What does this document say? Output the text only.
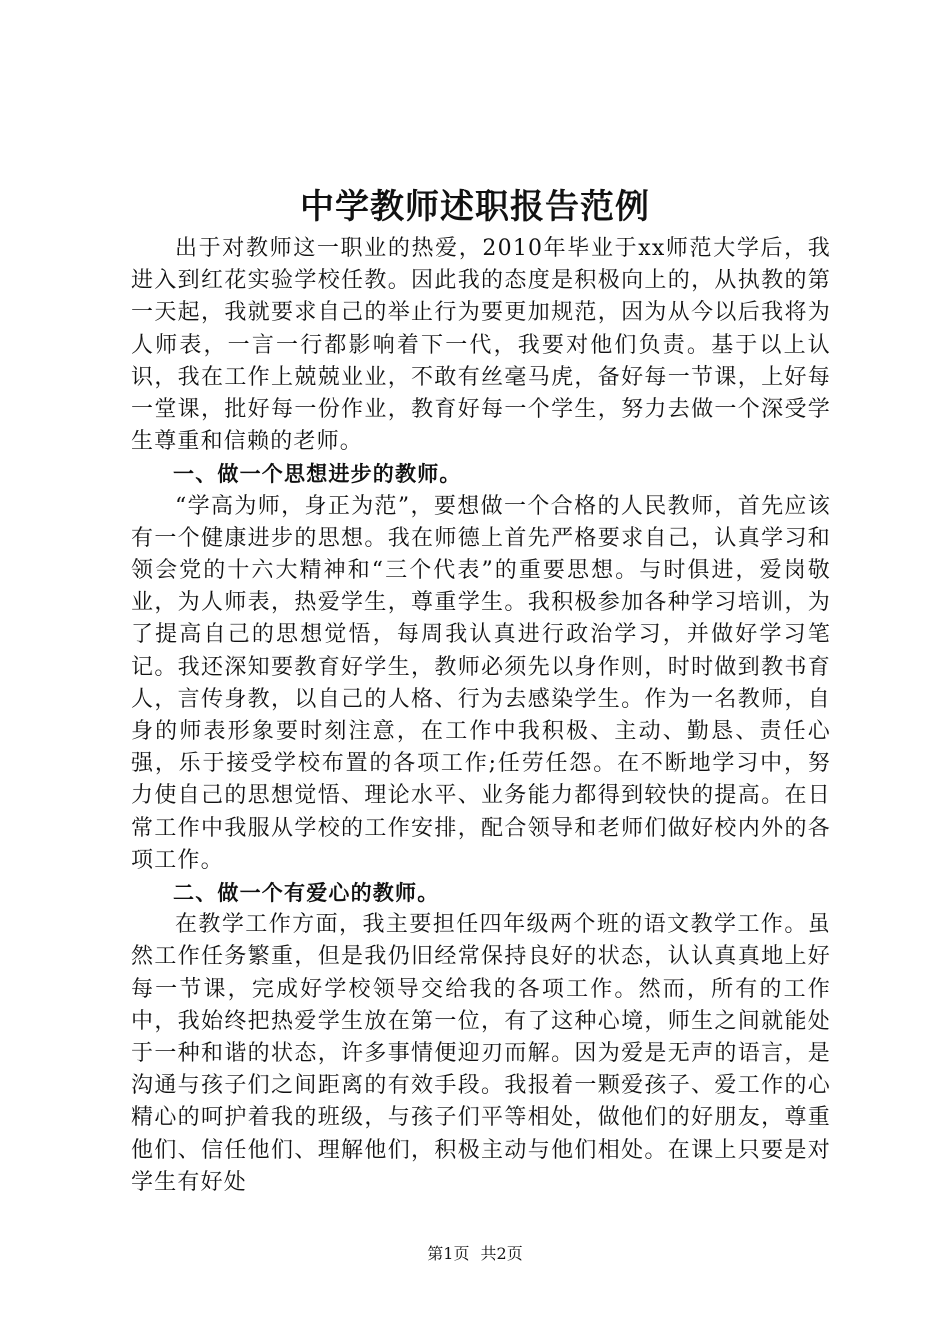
中学教师述职报告范例

出于对教师这一职业的热爱，2010年毕业于xx师范大学后，我进入到红花实验学校任教。因此我的态度是积极向上的，从执教的第一天起，我就要求自己的举止行为要更加规范，因为从今以后我将为人师表，一言一行都影响着下一代，我要对他们负责。基于以上认识，我在工作上兢兢业业，不敢有丝毫马虎，备好每一节课，上好每一堂课，批好每一份作业，教育好每一个学生，努力去做一个深受学生尊重和信赖的老师。

一、做一个思想进步的教师。

“学高为师，身正为范”，要想做一个合格的人民教师，首先应该有一个健康进步的思想。我在师德上首先严格要求自己，认真学习和领会党的十六大精神和“三个代表”的重要思想。与时俱进，爱岗敬业，为人师表，热爱学生，尊重学生。我积极参加各种学习培训，为了提高自己的思想觉悟，每周我认真进行政治学习，并做好学习笔记。我还深知要教育好学生，教师必须先以身作则，时时做到教书育人，言传身教，以自己的人格、行为去感染学生。作为一名教师，自身的师表形象要时刻注意，在工作中我积极、主动、勤恳、责任心强，乐于接受学校布置的各项工作;任劳任怨。在不断地学习中，努力使自己的思想觉悟、理论水平、业务能力都得到较快的提高。在日常工作中我服从学校的工作安排，配合领导和老师们做好校内外的各项工作。

二、做一个有爱心的教师。

在教学工作方面，我主要担任四年级两个班的语文教学工作。虽然工作任务繁重，但是我仍旧经常保持良好的状态，认认真真地上好每一节课，完成好学校领导交给我的各项工作。然而，所有的工作中，我始终把热爱学生放在第一位，有了这种心境，师生之间就能处于一种和谐的状态，许多事情便迎刃而解。因为爱是无声的语言，是沟通与孩子们之间距离的有效手段。我报着一颗爱孩子、爱工作的心精心的呵护着我的班级，与孩子们平等相处，做他们的好朋友，尊重他们、信任他们、理解他们，积极主动与他们相处。在课上只要是对学生有好处

第1页 共2页
